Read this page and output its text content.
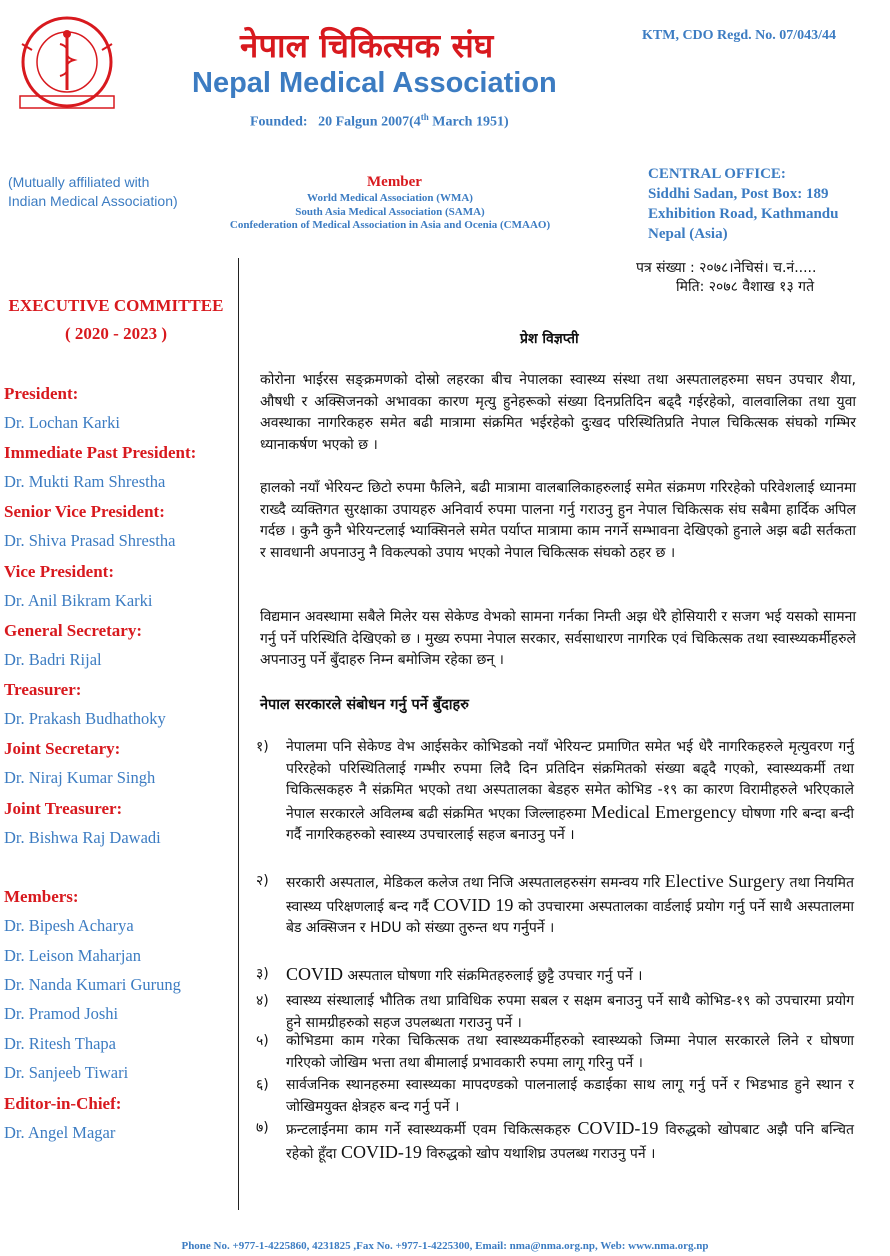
नेपाल चिकित्सक संघ
Nepal Medical Association
Founded: 20 Falgun 2007(4th March 1951)
KTM, CDO Regd. No. 07/043/44
(Mutually affiliated with
Indian Medical Association)
Member
World Medical Association (WMA)
South Asia Medical Association (SAMA)
Confederation of Medical Association in Asia and Ocenia (CMAAO)
CENTRAL OFFICE:
Siddhi Sadan, Post Box: 189
Exhibition Road, Kathmandu
Nepal (Asia)
EXECUTIVE COMMITTEE
( 2020 - 2023 )
President:
Dr. Lochan Karki
Immediate Past President:
Dr. Mukti Ram Shrestha
Senior Vice President:
Dr. Shiva Prasad Shrestha
Vice President:
Dr. Anil Bikram Karki
General Secretary:
Dr. Badri Rijal
Treasurer:
Dr. Prakash Budhathoky
Joint Secretary:
Dr. Niraj Kumar Singh
Joint Treasurer:
Dr. Bishwa Raj Dawadi
Members:
Dr. Bipesh Acharya
Dr. Leison Maharjan
Dr. Nanda Kumari Gurung
Dr. Pramod Joshi
Dr. Ritesh Thapa
Dr. Sanjeeb Tiwari
Editor-in-Chief:
Dr. Angel Magar
पत्र संख्या : २०७८।नेचिसं। च.नं.....
मिति: २०७८ वैशाख १३ गते
प्रेश विज्ञप्ती
कोरोना भाईरस सङ्क्रमणको दोस्रो लहरका बीच नेपालका स्वास्थ्य संस्था तथा अस्पतालहरुमा सघन उपचार शैया, औषधी र अक्सिजनको अभावका कारण मृत्यु हुनेहरूको संख्या दिनप्रतिदिन बढ्दै गईरहेको, वालवालिका तथा युवा अवस्थाका नागरिकहरु समेत बढी मात्रामा संक्रमित भईरहेको दुःखद परिस्थितिप्रति नेपाल चिकित्सक संघको गम्भिर ध्यानाकर्षण भएको छ ।
हालको नयाँ भेरियन्ट छिटो रुपमा फैलिने, बढी मात्रामा वालबालिकाहरुलाई समेत संक्रमण गरिरहेको परिवेशलाई ध्यानमा राख्दै व्यक्तिगत सुरक्षाका उपायहरु अनिवार्य रुपमा पालना गर्नु गराउनु हुन नेपाल चिकित्सक संघ सबैमा हार्दिक अपिल गर्दछ । कुनै कुनै भेरियन्टलाई भ्याक्सिनले समेत पर्याप्त मात्रामा काम नगर्ने सम्भावना देखिएको हुनाले अझ बढी सर्तकता र सावधानी अपनाउनु नै विकल्पको उपाय भएको नेपाल चिकित्सक संघको ठहर छ ।
विद्यमान अवस्थामा सबैले मिलेर यस सेकेण्ड वेभको सामना गर्नका निम्ती अझ धेरै होसियारी र सजग भई यसको सामना गर्नु पर्ने परिस्थिति देखिएको छ । मुख्य रुपमा नेपाल सरकार, सर्वसाधारण नागरिक एवं चिकित्सक तथा स्वास्थ्यकर्मीहरुले अपनाउनु पर्ने बुँदाहरु निम्न बमोजिम रहेका छन् ।
नेपाल सरकारले संबोधन गर्नु पर्ने बुँदाहरु
१) नेपालमा पनि सेकेण्ड वेभ आईसकेर कोभिडको नयाँ भेरियन्ट प्रमाणित समेत भई धेरै नागरिकहरुले मृत्युवरण गर्नु परिरहेको परिस्थितिलाई गम्भीर रुपमा लिदै दिन प्रतिदिन संक्रमितको संख्या बढ्दै गएको, स्वास्थ्यकर्मी तथा चिकित्सकहरु नै संक्रमित भएको तथा अस्पतालका बेडहरु समेत कोभिड -१९ का कारण विरामीहरुले भरिएकाले नेपाल सरकारले अविलम्ब बढी संक्रमित भएका जिल्लाहरुमा Medical Emergency घोषणा गरि बन्दा बन्दी गर्दै नागरिकहरुको स्वास्थ्य उपचारलाई सहज बनाउनु पर्ने ।
२) सरकारी अस्पताल, मेडिकल कलेज तथा निजि अस्पतालहरुसंग समन्वय गरि Elective Surgery तथा नियमित स्वास्थ्य परिक्षणलाई बन्द गर्दै COVID 19 को उपचारमा अस्पतालका वार्डलाई प्रयोग गर्नु पर्ने साथै अस्पतालमा बेड अक्सिजन र HDU को संख्या तुरुन्त थप गर्नुपर्ने ।
३) COVID अस्पताल घोषणा गरि संक्रमितहरुलाई छुट्टै उपचार गर्नु पर्ने ।
४) स्वास्थ्य संस्थालाई भौतिक तथा प्राविधिक रुपमा सबल र सक्षम बनाउनु पर्ने साथै कोभिड-१९ को उपचारमा प्रयोग हुने सामग्रीहरुको सहज उपलब्धता गराउनु पर्ने ।
५) कोभिडमा काम गरेका चिकित्सक तथा स्वास्थ्यकर्मीहरुको स्वास्थ्यको जिम्मा नेपाल सरकारले लिने र घोषणा गरिएको जोखिम भत्ता तथा बीमालाई प्रभावकारी रुपमा लागू गरिनु पर्ने ।
६) सार्वजनिक स्थानहरुमा स्वास्थ्यका मापदण्डको पालनालाई कडाईका साथ लागू गर्नु पर्ने र भिडभाड हुने स्थान र जोखिमयुक्त क्षेत्रहरु बन्द गर्नु पर्ने ।
७) फ्रन्टलाईनमा काम गर्ने स्वास्थ्यकर्मी एवम चिकित्सकहरु COVID-19 विरुद्धको खोपबाट अझै पनि बन्चित रहेको हूँदा COVID-19 विरुद्धको खोप यथाशिघ्र उपलब्ध गराउनु पर्ने ।
Phone No. +977-1-4225860, 4231825 ,Fax No. +977-1-4225300, Email: nma@nma.org.np, Web: www.nma.org.np
